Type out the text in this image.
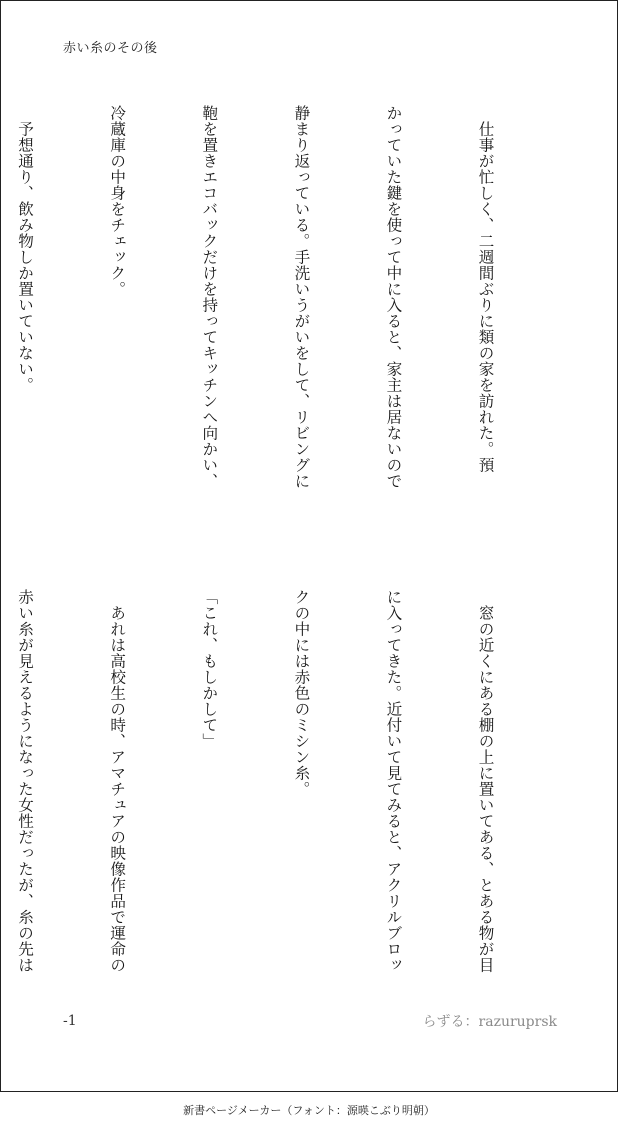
赤い糸のその後

　仕事が忙しく、二週間ぶりに類の家を訪れた。預

かっていた鍵を使って中に入ると、家主は居ないので

静まり返っている。手洗いうがいをして、リビングに

鞄を置きエコバックだけを持ってキッチンへ向かい、

冷蔵庫の中身をチェック。

　予想通り、飲み物しか置いていない。

　窓の近くにある棚の上に置いてある、とある物が目

に入ってきた。近付いて見てみると、アクリルブロッ

クの中には赤色のミシン糸。

「これ、もしかして」

　あれは高校生の時、アマチュアの映像作品で運命の

赤い糸が見えるようになった女性だったが、糸の先は

-1	らずる：razuruprsk
新書ページメーカー（フォント：源暎こぶり明朝）
